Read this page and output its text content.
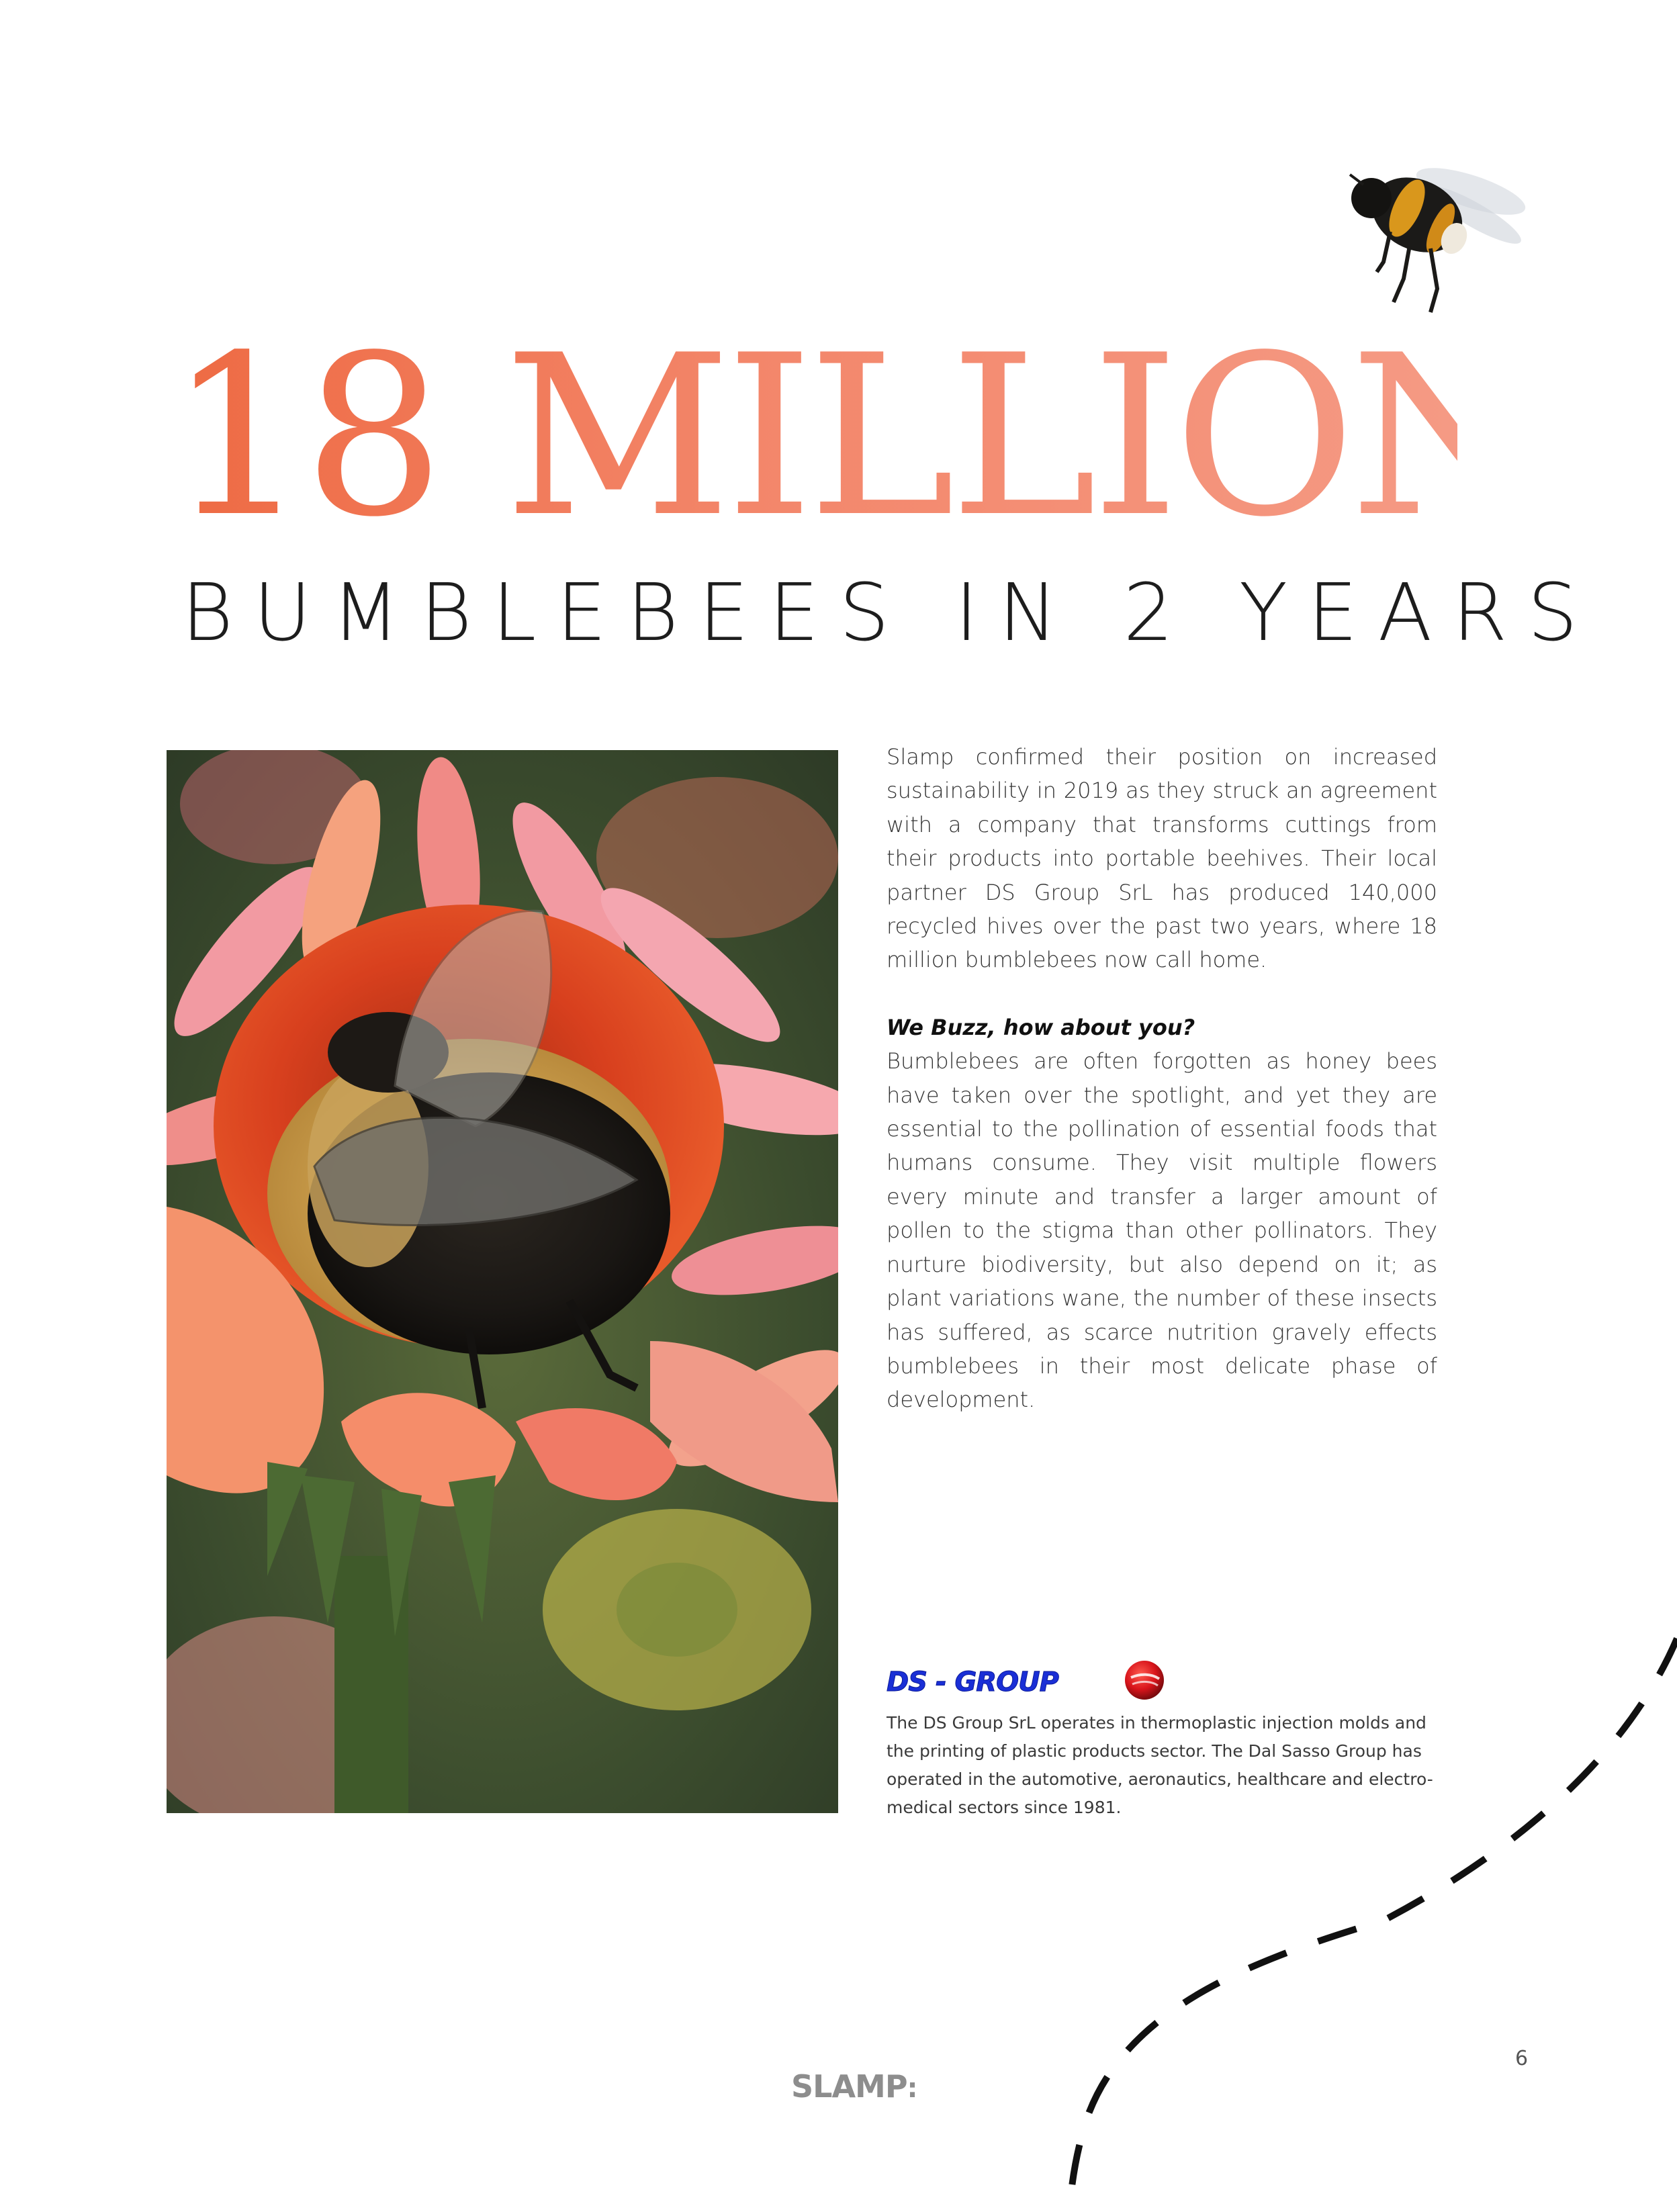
18 MILLION
BUMBLEBEES IN 2 YEARS

Slamp confirmed their position on increased sustainability in 2019 as they struck an agreement with a company that transforms cuttings from their products into portable beehives. Their local partner DS Group SrL has produced 140,000 recycled hives over the past two years, where 18 million bumblebees now call home.

We Buzz, how about you?

Bumblebees are often forgotten as honey bees have taken over the spotlight, and yet they are essential to the pollination of essential foods that humans consume. They visit multiple flowers every minute and transfer a larger amount of pollen to the stigma than other pollinators. They nurture biodiversity, but also depend on it; as plant variations wane, the number of these insects has suffered, as scarce nutrition gravely effects bumblebees in their most delicate phase of development.

DS - GROUP
The DS Group SrL operates in thermoplastic injection molds and the printing of plastic products sector. The Dal Sasso Group has operated in the automotive, aeronautics, healthcare and electro-medical sectors since 1981.
SLAMP:
6
